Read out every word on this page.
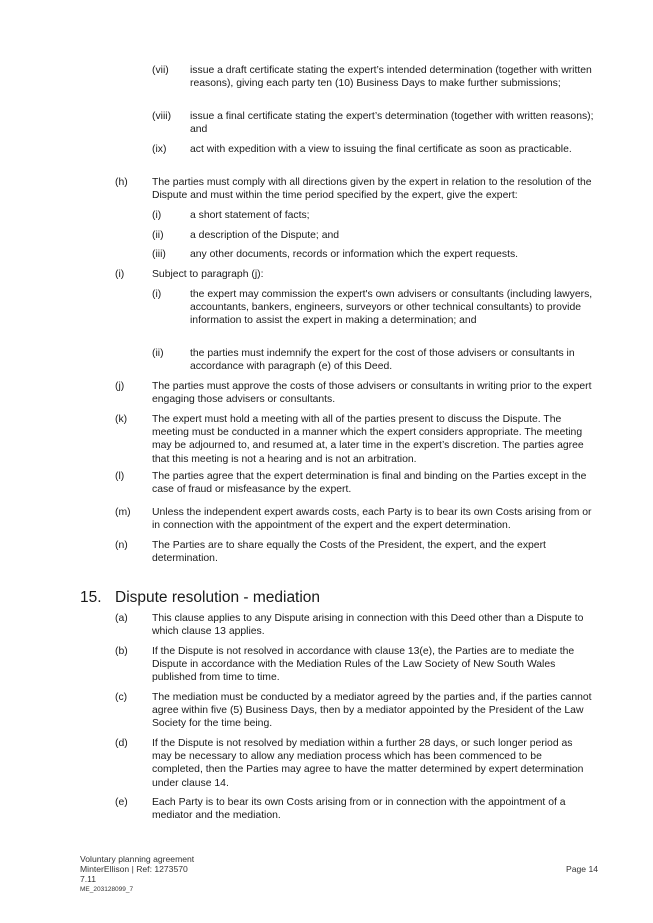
15. Dispute resolution - mediation
Voluntary planning agreement
MinterEllison | Ref: 1273570
7.11
ME_203128099_7
Page 14
(vii) issue a draft certificate stating the expert’s intended determination (together with written reasons), giving each party ten (10) Business Days to make further submissions;
(viii) issue a final certificate stating the expert’s determination (together with written reasons); and
(ix) act with expedition with a view to issuing the final certificate as soon as practicable.
(h) The parties must comply with all directions given by the expert in relation to the resolution of the Dispute and must within the time period specified by the expert, give the expert:
(i)	a short statement of facts;
(ii)	a description of the Dispute; and
(iii) any other documents, records or information which the expert requests.
(i)	Subject to paragraph (j):
(i)	the expert may commission the expert's own advisers or consultants (including lawyers, accountants, bankers, engineers, surveyors or other technical consultants) to provide information to assist the expert in making a determination; and
(ii)	the parties must indemnify the expert for the cost of those advisers or consultants in accordance with paragraph (e) of this Deed.
(j)	The parties must approve the costs of those advisers or consultants in writing prior to the expert engaging those advisers or consultants.
(k) The expert must hold a meeting with all of the parties present to discuss the Dispute. The meeting must be conducted in a manner which the expert considers appropriate. The meeting may be adjourned to, and resumed at, a later time in the expert’s discretion. The parties agree that this meeting is not a hearing and is not an arbitration.
(l)	The parties agree that the expert determination is final and binding on the Parties except in the case of fraud or misfeasance by the expert.
(m) Unless the independent expert awards costs, each Party is to bear its own Costs arising from or in connection with the appointment of the expert and the expert determination.
(n) The Parties are to share equally the Costs of the President, the expert, and the expert determination.
(a) This clause applies to any Dispute arising in connection with this Deed other than a Dispute to which clause 13 applies.
(b) If the Dispute is not resolved in accordance with clause 13(e), the Parties are to mediate the Dispute in accordance with the Mediation Rules of the Law Society of New South Wales published from time to time.
(c) The mediation must be conducted by a mediator agreed by the parties and, if the parties cannot agree within five (5) Business Days, then by a mediator appointed by the President of the Law Society for the time being.
(d) If the Dispute is not resolved by mediation within a further 28 days, or such longer period as may be necessary to allow any mediation process which has been commenced to be completed, then the Parties may agree to have the matter determined by expert determination under clause 14.
(e) Each Party is to bear its own Costs arising from or in connection with the appointment of a mediator and the mediation.
